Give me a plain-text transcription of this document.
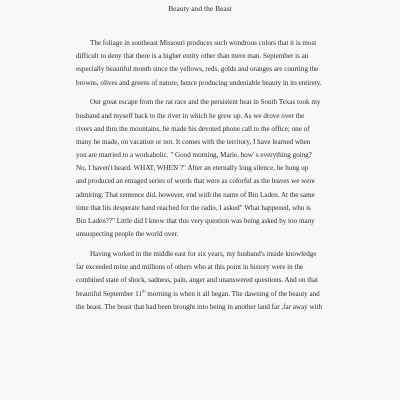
Beauty and the Beast
The foliage in southeast Missouri produces such wondrous colors that it is most
difficult to deny that there is a higher entity other than mere man. September is an
especially beautiful month since the yellows, reds, golds and oranges are courting the
browns, olives and greens of nature, hence producing undeniable beauty in its entirety.
Our great escape from the rat race and the persistent heat in South Texas took my
husband and myself back to the river in which he grew up. As we drove over the
rivers and thru the mountains, he made his devoted phone call to the office; one of
many he made, on vacation or not. It comes with the territory, I have learned when
you are married to a workaholic. " Good morning, Marie, how' s everything going?
No, I haven't heard. WHAT, WHEN ?" After an eternally long silence, he hung up
and produced an enraged series of words that were as colorful as the leaves we were
admiring. That sentence did, however, end with the name of Bin Laden. At the same
time that his desperate hand reached for the radio, I asked" What happened, who is
Bin Laden??" Little did I know that this very question was being asked by too many
unsuspecting people the world over.
Having worked in the middle east for six years, my husband's inside knowledge
far exceeded mine and millions of others who at this point in history were in the
combined state of shock, sadness, pain, anger and unanswered questions. And on that
beautiful September 11th morning is when it all began. The dawning of the beauty and
the beast. The beast that had been brought into being in another land far ,far away with
